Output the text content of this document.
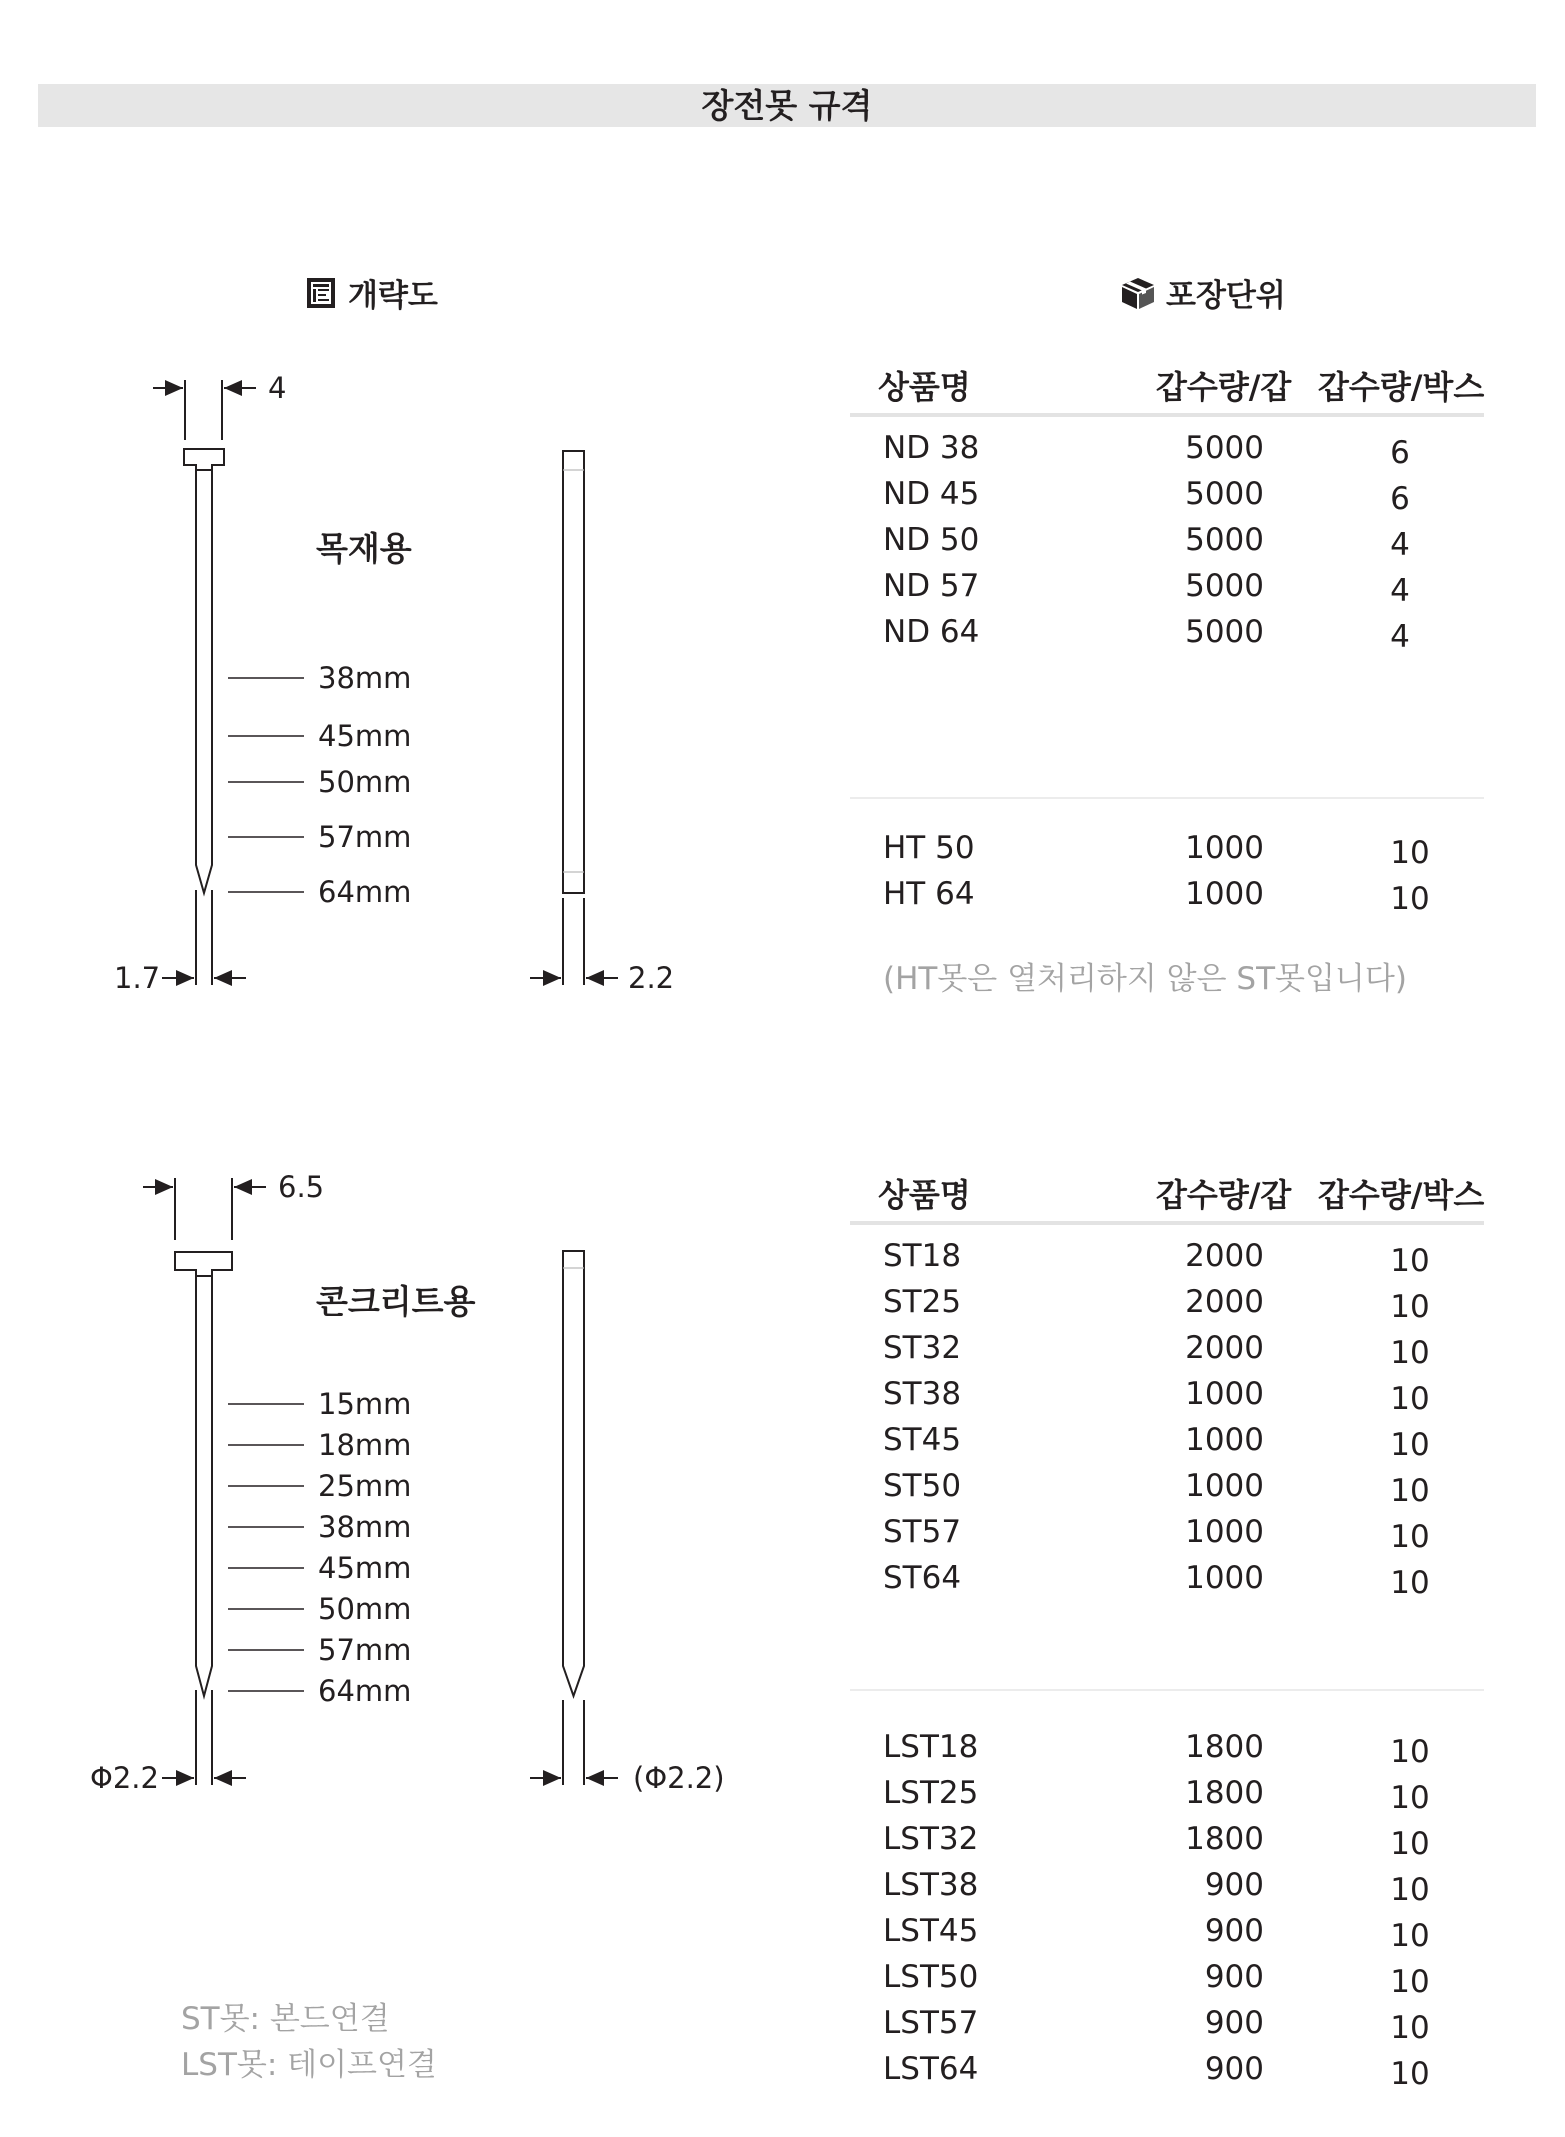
장전못 규격
개략도	포장단위
4
목재용
38mm
45mm
50mm
57mm
64mm
1.7	2.2
6.5
콘크리트용
15mm
18mm
25mm
38mm
45mm
50mm
57mm
64mm
Φ2.2	(Φ2.2)
상품명	갑수량/갑 갑수량/박스
ND 38	5000	6
ND 45	5000	6
ND 50	5000	4
ND 57	5000	4
ND 64	5000	4
HT 50	1000	10
HT 64	1000	10
(HT못은 열처리하지 않은 ST못입니다)
상품명	갑수량/갑 갑수량/박스
ST18	2000	10
ST25	2000	10
ST32	2000	10
ST38	1000	10
ST45	1000	10
ST50	1000	10
ST57	1000	10
ST64	1000	10
LST18	1800	10
LST25	1800	10
LST32	1800	10
LST38	900	10
LST45	900	10
LST50	900	10
LST57	900	10
LST64	900	10
ST못: 본드연결
LST못: 테이프연결
